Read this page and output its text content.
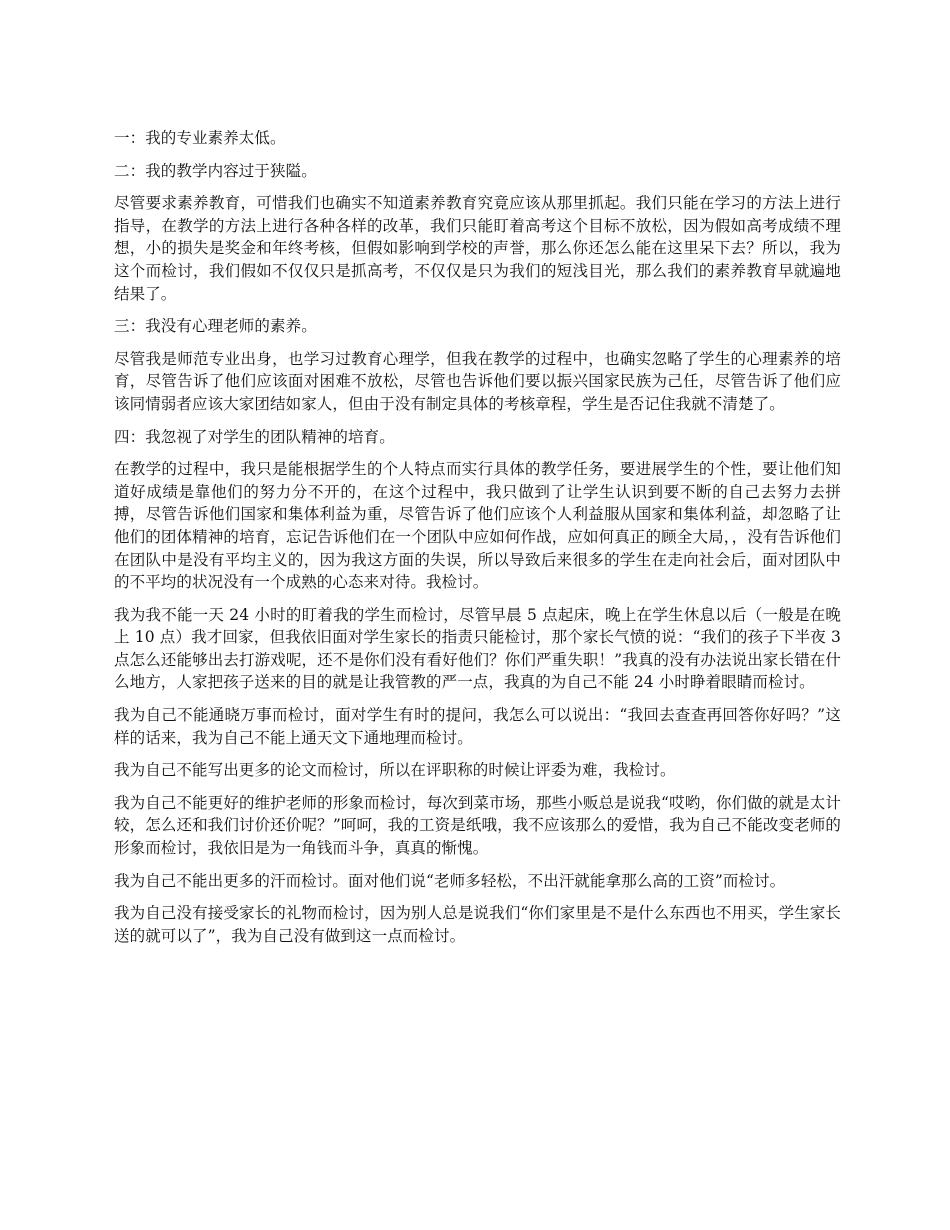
一：我的专业素养太低。

二：我的教学内容过于狭隘。

尽管要求素养教育，可惜我们也确实不知道素养教育究竟应该从那里抓起。我们只能在学习的方法上进行指导，在教学的方法上进行各种各样的改革，我们只能盯着高考这个目标不放松，因为假如高考成绩不理想，小的损失是奖金和年终考核，但假如影响到学校的声誉，那么你还怎么能在这里呆下去？所以，我为这个而检讨，我们假如不仅仅只是抓高考，不仅仅是只为我们的短浅目光，那么我们的素养教育早就遍地结果了。

三：我没有心理老师的素养。

尽管我是师范专业出身，也学习过教育心理学，但我在教学的过程中，也确实忽略了学生的心理素养的培育，尽管告诉了他们应该面对困难不放松，尽管也告诉他们要以振兴国家民族为己任，尽管告诉了他们应该同情弱者应该大家团结如家人，但由于没有制定具体的考核章程，学生是否记住我就不清楚了。

四：我忽视了对学生的团队精神的培育。

在教学的过程中，我只是能根据学生的个人特点而实行具体的教学任务，要进展学生的个性，要让他们知道好成绩是靠他们的努力分不开的，在这个过程中，我只做到了让学生认识到要不断的自己去努力去拼搏，尽管告诉他们国家和集体利益为重，尽管告诉了他们应该个人利益服从国家和集体利益，却忽略了让他们的团体精神的培育，忘记告诉他们在一个团队中应如何作战，应如何真正的顾全大局，，没有告诉他们在团队中是没有平均主义的，因为我这方面的失误，所以导致后来很多的学生在走向社会后，面对团队中的不平均的状况没有一个成熟的心态来对待。我检讨。

我为我不能一天 24 小时的盯着我的学生而检讨，尽管早晨 5 点起床，晚上在学生休息以后（一般是在晚上 10 点）我才回家，但我依旧面对学生家长的指责只能检讨，那个家长气愤的说：“我们的孩子下半夜 3 点怎么还能够出去打游戏呢，还不是你们没有看好他们？你们严重失职！”我真的没有办法说出家长错在什么地方，人家把孩子送来的目的就是让我管教的严一点，我真的为自己不能 24 小时睁着眼睛而检讨。

我为自己不能通晓万事而检讨，面对学生有时的提问，我怎么可以说出：“我回去查查再回答你好吗？”这样的话来，我为自己不能上通天文下通地理而检讨。

我为自己不能写出更多的论文而检讨，所以在评职称的时候让评委为难，我检讨。

我为自己不能更好的维护老师的形象而检讨，每次到菜市场，那些小贩总是说我“哎哟，你们做的就是太计较，怎么还和我们讨价还价呢？”呵呵，我的工资是纸哦，我不应该那么的爱惜，我为自己不能改变老师的形象而检讨，我依旧是为一角钱而斗争，真真的惭愧。

我为自己不能出更多的汗而检讨。面对他们说“老师多轻松，不出汗就能拿那么高的工资”而检讨。

我为自己没有接受家长的礼物而检讨，因为别人总是说我们“你们家里是不是什么东西也不用买，学生家长送的就可以了”，我为自己没有做到这一点而检讨。
